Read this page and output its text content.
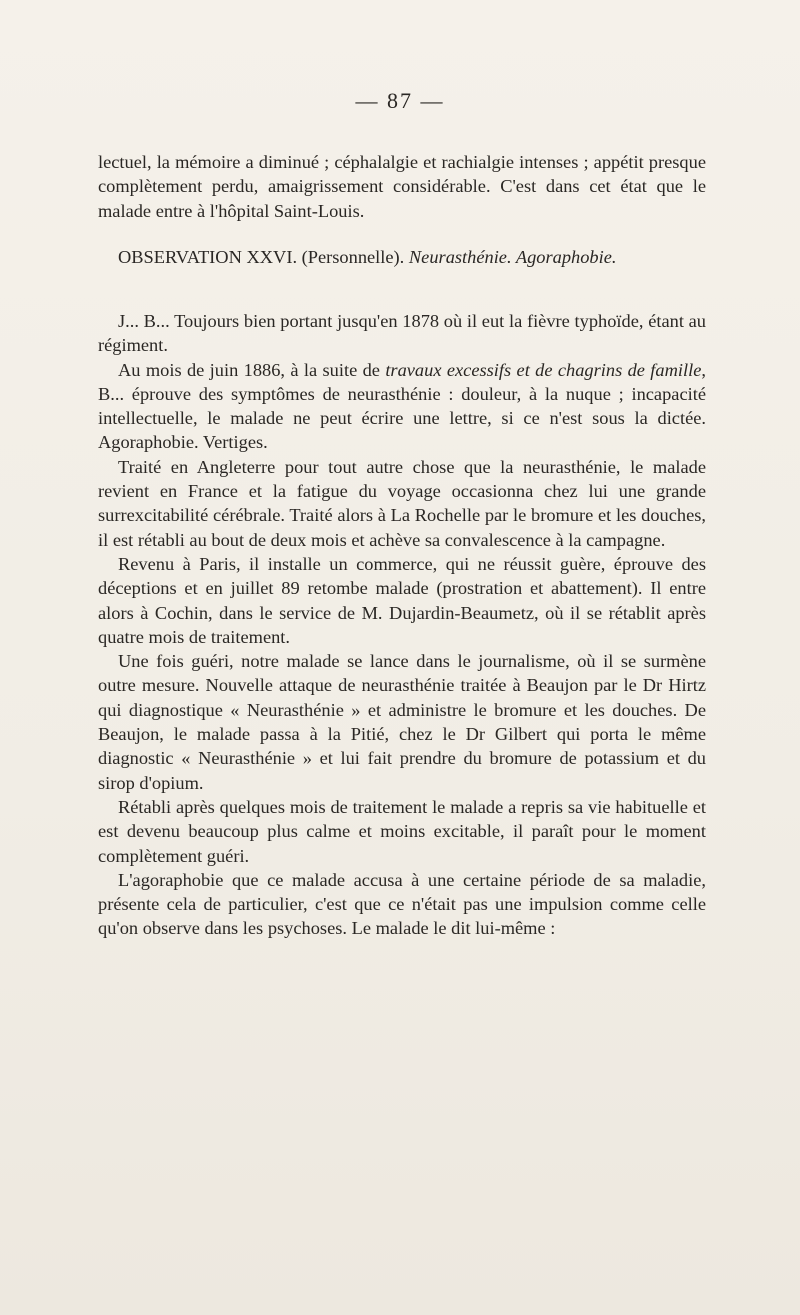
— 87 —

lectuel, la mémoire a diminué ; céphalalgie et rachialgie intenses ; appétit presque complètement perdu, amaigrissement considérable. C'est dans cet état que le malade entre à l'hôpital Saint-Louis.

OBSERVATION XXVI. (Personnelle). Neurasthénie. Agoraphobie.

J... B... Toujours bien portant jusqu'en 1878 où il eut la fièvre typhoïde, étant au régiment.

Au mois de juin 1886, à la suite de travaux excessifs et de chagrins de famille, B... éprouve des symptômes de neurasthénie : douleur, à la nuque ; incapacité intellectuelle, le malade ne peut écrire une lettre, si ce n'est sous la dictée. Agoraphobie. Vertiges.

Traité en Angleterre pour tout autre chose que la neurasthénie, le malade revient en France et la fatigue du voyage occasionna chez lui une grande surrexcitabilité cérébrale. Traité alors à La Rochelle par le bromure et les douches, il est rétabli au bout de deux mois et achève sa convalescence à la campagne.

Revenu à Paris, il installe un commerce, qui ne réussit guère, éprouve des déceptions et en juillet 89 retombe malade (prostration et abattement). Il entre alors à Cochin, dans le service de M. Dujardin-Beaumetz, où il se rétablit après quatre mois de traitement.

Une fois guéri, notre malade se lance dans le journalisme, où il se surmène outre mesure. Nouvelle attaque de neurasthénie traitée à Beaujon par le Dr Hirtz qui diagnostique « Neurasthénie » et administre le bromure et les douches. De Beaujon, le malade passa à la Pitié, chez le Dr Gilbert qui porta le même diagnostic « Neurasthénie » et lui fait prendre du bromure de potassium et du sirop d'opium.

Rétabli après quelques mois de traitement le malade a repris sa vie habituelle et est devenu beaucoup plus calme et moins excitable, il paraît pour le moment complètement guéri.

L'agoraphobie que ce malade accusa à une certaine période de sa maladie, présente cela de particulier, c'est que ce n'était pas une impulsion comme celle qu'on observe dans les psychoses. Le malade le dit lui-même :
